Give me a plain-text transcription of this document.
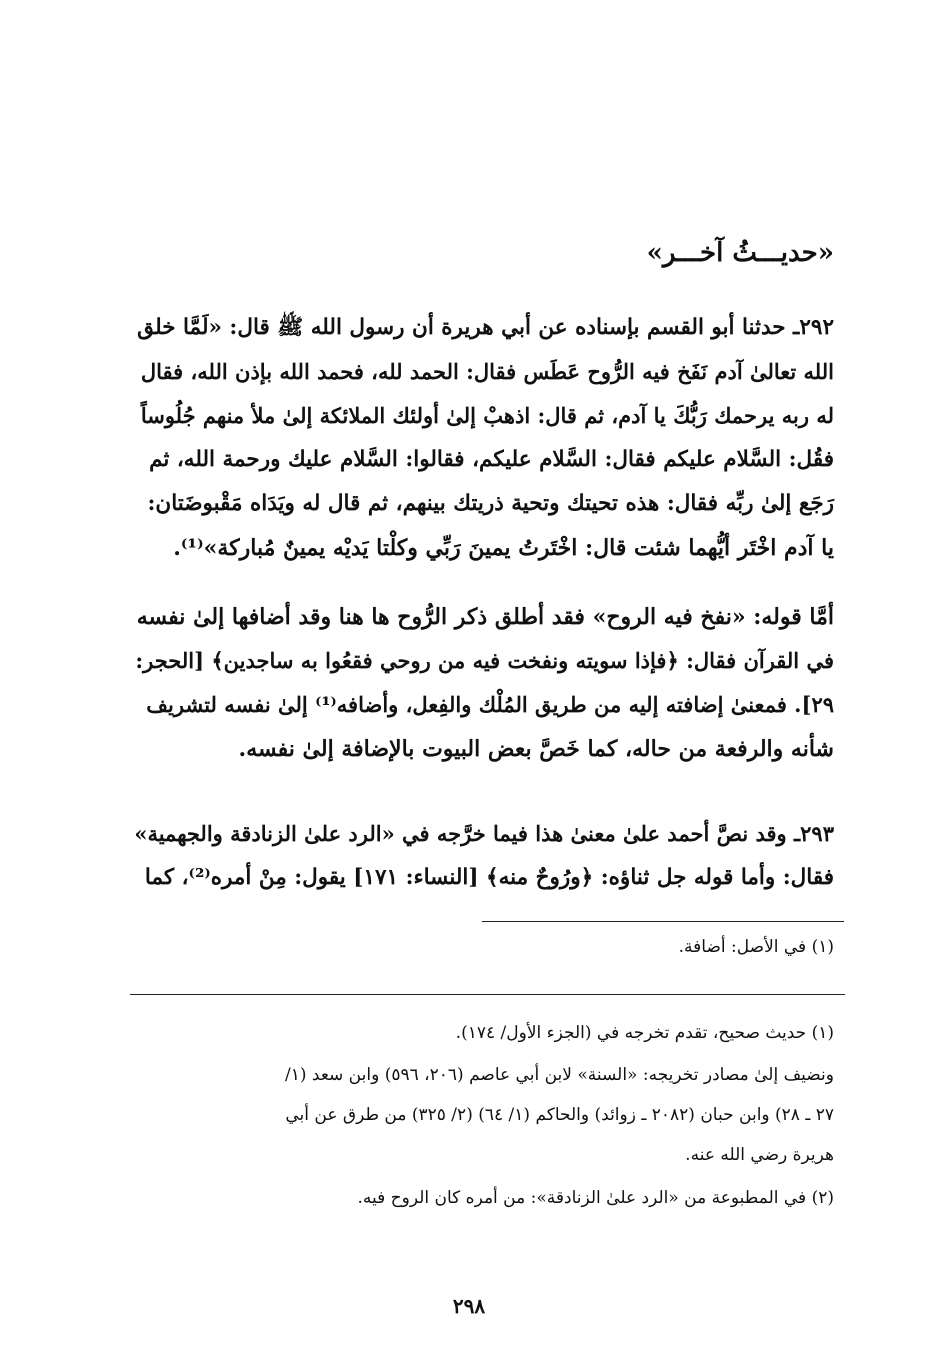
«حديـــثُ آخـــر»
٢٩٢ـ حدثنا أبو القسم بإسناده عن أبي هريرة أن رسول الله ﷺ قال: «لَمَّا خلق
الله تعالىٰ آدم نَفَخ فيه الرُّوح عَطَس فقال: الحمد لله، فحمد الله بإذن الله، فقال
له ربه يرحمك رَبُّكَ يا آدم، ثم قال: اذهبْ إلىٰ أولئك الملائكة إلىٰ ملأ منهم جُلُوساً
فقُل: السَّلام عليكم فقال: السَّلام عليكم، فقالوا: السَّلام عليك ورحمة الله، ثم
رَجَع إلىٰ ربِّه فقال: هذه تحيتك وتحية ذريتك بينهم، ثم قال له ويَدَاه مَقْبوضَتان:
يا آدم اخْتَر أيُّهما شئت قال: اخْتَرتُ يمينَ رَبِّي وكلْتا يَديْه يمينٌ مُباركة»⁽¹⁾.
أمَّا قوله: «نفخ فيه الروح» فقد أطلق ذكر الرُّوح ها هنا وقد أضافها إلىٰ نفسه
في القرآن فقال: ﴿فإذا سويته ونفخت فيه من روحي فقعُوا به ساجدين﴾ [الحجر:
٢٩]. فمعنىٰ إضافته إليه من طريق المُلْك والفِعل، وأضافه⁽¹⁾ إلىٰ نفسه لتشريف
شأنه والرفعة من حاله، كما خَصَّ بعض البيوت بالإضافة إلىٰ نفسه.
٢٩٣ـ وقد نصَّ أحمد علىٰ معنىٰ هذا فيما خرَّجه في «الرد علىٰ الزنادقة والجهمية»
فقال: وأما قوله جل ثناؤه: ﴿ورُوحٌ منه﴾ [النساء: ١٧١] يقول: مِنْ أمره⁽²⁾، كما
(١) في الأصل: أضافة.
(١) حديث صحيح، تقدم تخرجه في (الجزء الأول/ ١٧٤).
ونضيف إلىٰ مصادر تخريجه: «السنة» لابن أبي عاصم (٢٠٦، ٥٩٦) وابن سعد (١/
٢٧ ـ ٢٨) وابن حبان (٢٠٨٢ ـ زوائد) والحاكم (١/ ٦٤) (٢/ ٣٢٥) من طرق عن أبي
هريرة رضي الله عنه.
(٢) في المطبوعة من «الرد علىٰ الزنادقة»: من أمره كان الروح فيه.
٢٩٨
